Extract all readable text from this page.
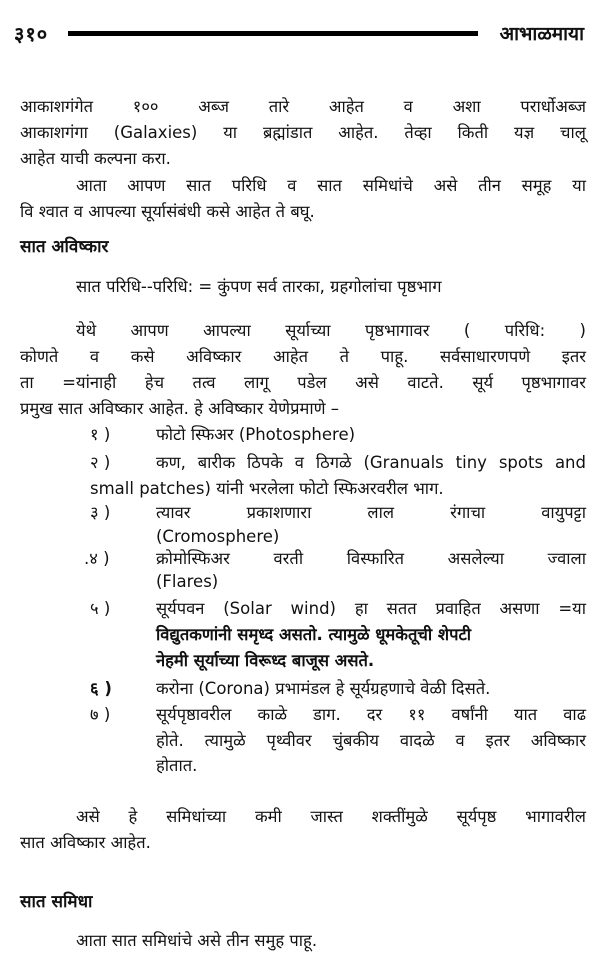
३१०	आभाळमाया
आकाशगंगेत १०० अब्ज तारे आहेत व अशा परार्धोअब्ज
आकाशगंगा (Galaxies) या ब्रह्मांडात आहेत. तेव्हा किती यज्ञ चालू
आहेत याची कल्पना करा.
आता आपण सात परिधि व सात समिधांचे असे तीन समूह या
वि श्वात व आपल्या सूर्यासंबंधी कसे आहेत ते बघू.
सात अविष्कार
सात परिधि--परिधि: = कुंपण सर्व तारका, ग्रहगोलांचा पृष्ठभाग
येथे आपण आपल्या सूर्याच्या पृष्ठभागावर ( परिधि: )
कोणते व कसे अविष्कार आहेत ते पाहू. सर्वसाधारणपणे इतर
ता =यांनाही हेच तत्व लागू पडेल असे वाटते. सूर्य पृष्ठभागावर
प्रमुख सात अविष्कार आहेत. हे अविष्कार येणेप्रमाणे –
१ )	फोटो स्फिअर (Photosphere)
२ )	कण, बारीक ठिपके व ठिगळे (Granuals tiny spots and
small patches) यांनी भरलेला फोटो स्फिअरवरील भाग.
३ )	त्यावर प्रकाशणारा लाल रंगाचा वायुपट्टा
(Cromosphere)
.४ )	क्रोमोस्फिअर वरती विस्फारित असलेल्या ज्वाला
(Flares)
५ )	सूर्यपवन (Solar wind) हा सतत प्रवाहित असणा =या
विद्युतकणांनी समृध्द असतो. त्यामुळे धूमकेतूची शेपटी
नेहमी सूर्याच्या विरूध्द बाजूस असते.
६ )	करोना (Corona) प्रभामंडल हे सूर्यग्रहणाचे वेळी दिसते.
७ )	सूर्यपृष्ठावरील काळे डाग. दर ११ वर्षांनी यात वाढ
होते. त्यामुळे पृथ्वीवर चुंबकीय वादळे व इतर अविष्कार
होतात.
असे हे समिधांच्या कमी जास्त शक्तींमुळे सूर्यपृष्ठ भागावरील
सात अविष्कार आहेत.
सात समिधा
आता सात समिधांचे असे तीन समुह पाहू.
